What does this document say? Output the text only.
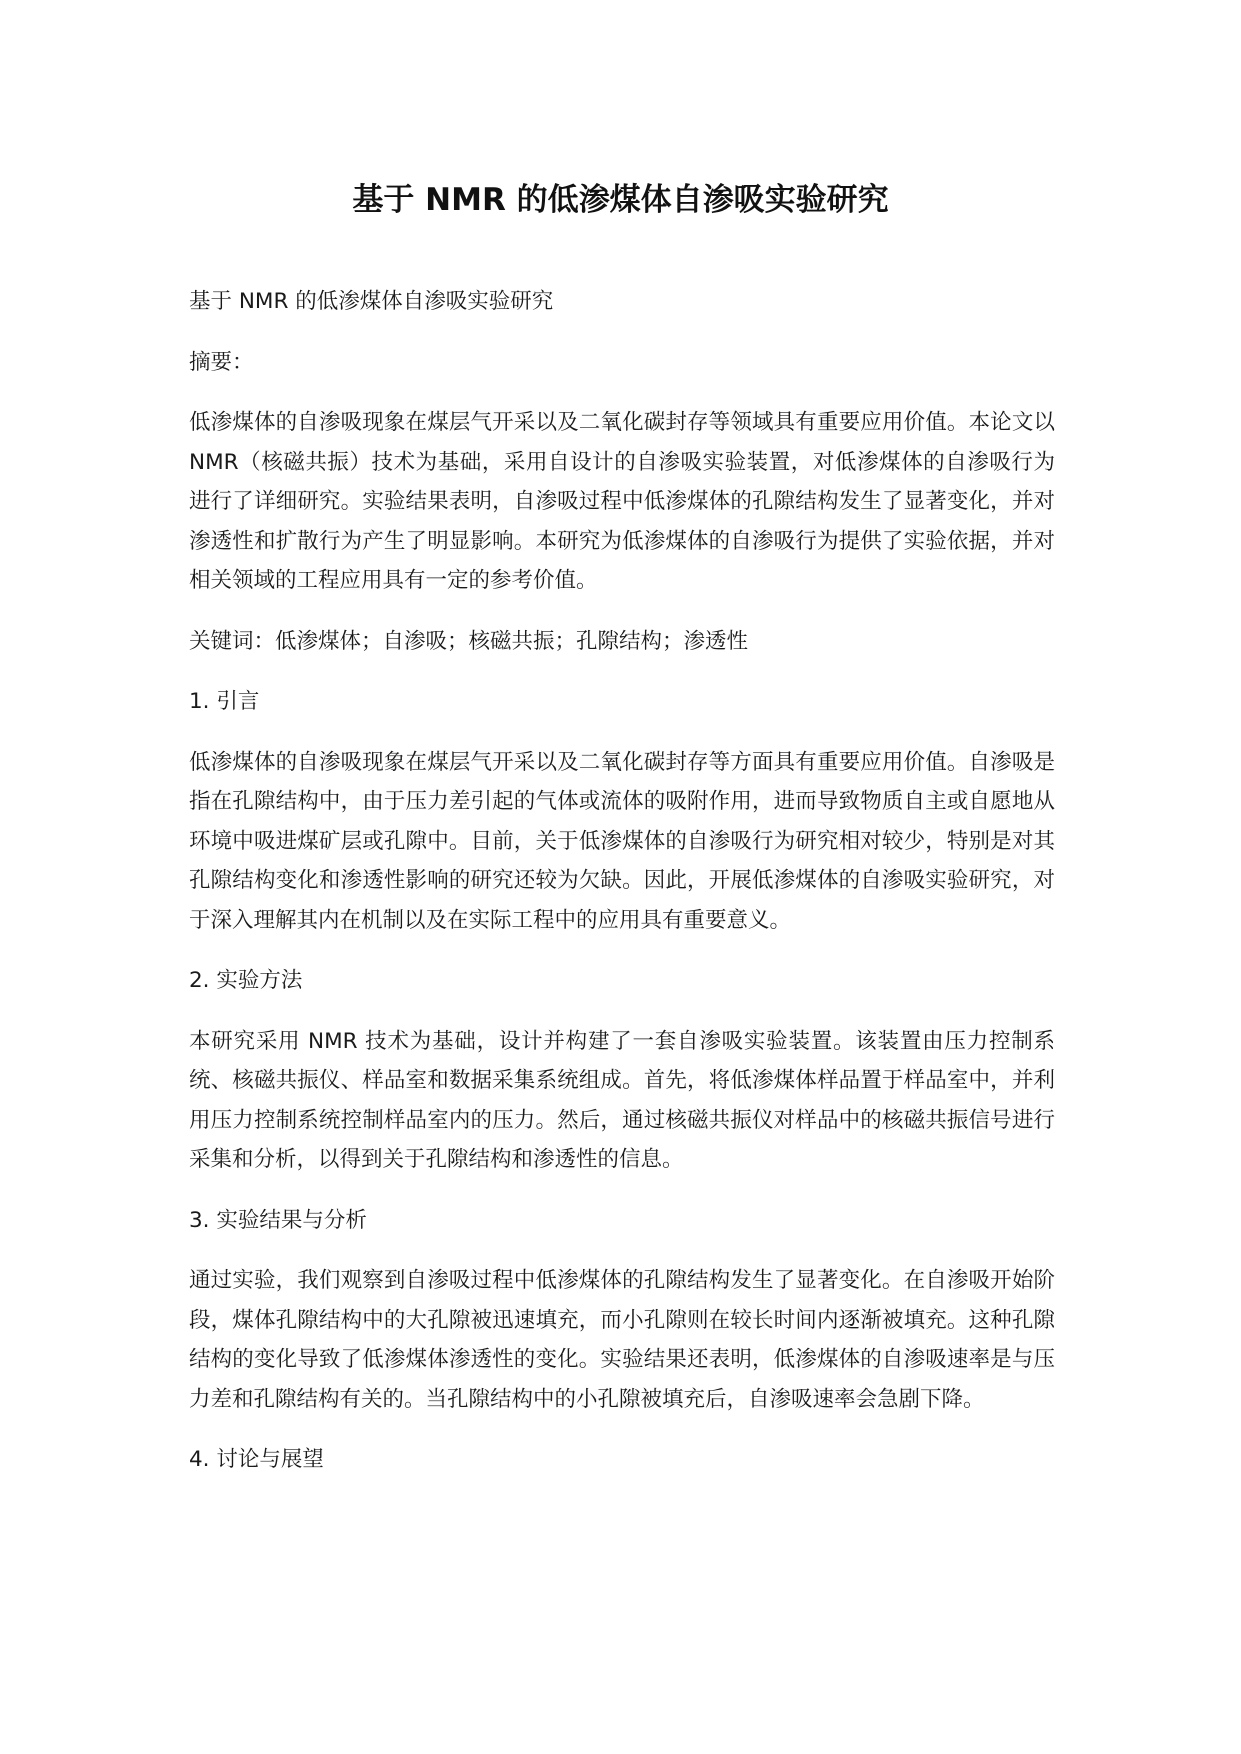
基于 NMR 的低渗煤体自渗吸实验研究

基于 NMR 的低渗煤体自渗吸实验研究

摘要：

低渗煤体的自渗吸现象在煤层气开采以及二氧化碳封存等领域具有重要应用价值。本论文以 NMR（核磁共振）技术为基础，采用自设计的自渗吸实验装置，对低渗煤体的自渗吸行为进行了详细研究。实验结果表明，自渗吸过程中低渗煤体的孔隙结构发生了显著变化，并对渗透性和扩散行为产生了明显影响。本研究为低渗煤体的自渗吸行为提供了实验依据，并对相关领域的工程应用具有一定的参考价值。

关键词：低渗煤体；自渗吸；核磁共振；孔隙结构；渗透性

1. 引言

低渗煤体的自渗吸现象在煤层气开采以及二氧化碳封存等方面具有重要应用价值。自渗吸是指在孔隙结构中，由于压力差引起的气体或流体的吸附作用，进而导致物质自主或自愿地从环境中吸进煤矿层或孔隙中。目前，关于低渗煤体的自渗吸行为研究相对较少，特别是对其孔隙结构变化和渗透性影响的研究还较为欠缺。因此，开展低渗煤体的自渗吸实验研究，对于深入理解其内在机制以及在实际工程中的应用具有重要意义。

2. 实验方法

本研究采用 NMR 技术为基础，设计并构建了一套自渗吸实验装置。该装置由压力控制系统、核磁共振仪、样品室和数据采集系统组成。首先，将低渗煤体样品置于样品室中，并利用压力控制系统控制样品室内的压力。然后，通过核磁共振仪对样品中的核磁共振信号进行采集和分析，以得到关于孔隙结构和渗透性的信息。

3. 实验结果与分析

通过实验，我们观察到自渗吸过程中低渗煤体的孔隙结构发生了显著变化。在自渗吸开始阶段，煤体孔隙结构中的大孔隙被迅速填充，而小孔隙则在较长时间内逐渐被填充。这种孔隙结构的变化导致了低渗煤体渗透性的变化。实验结果还表明，低渗煤体的自渗吸速率是与压力差和孔隙结构有关的。当孔隙结构中的小孔隙被填充后，自渗吸速率会急剧下降。

4. 讨论与展望
